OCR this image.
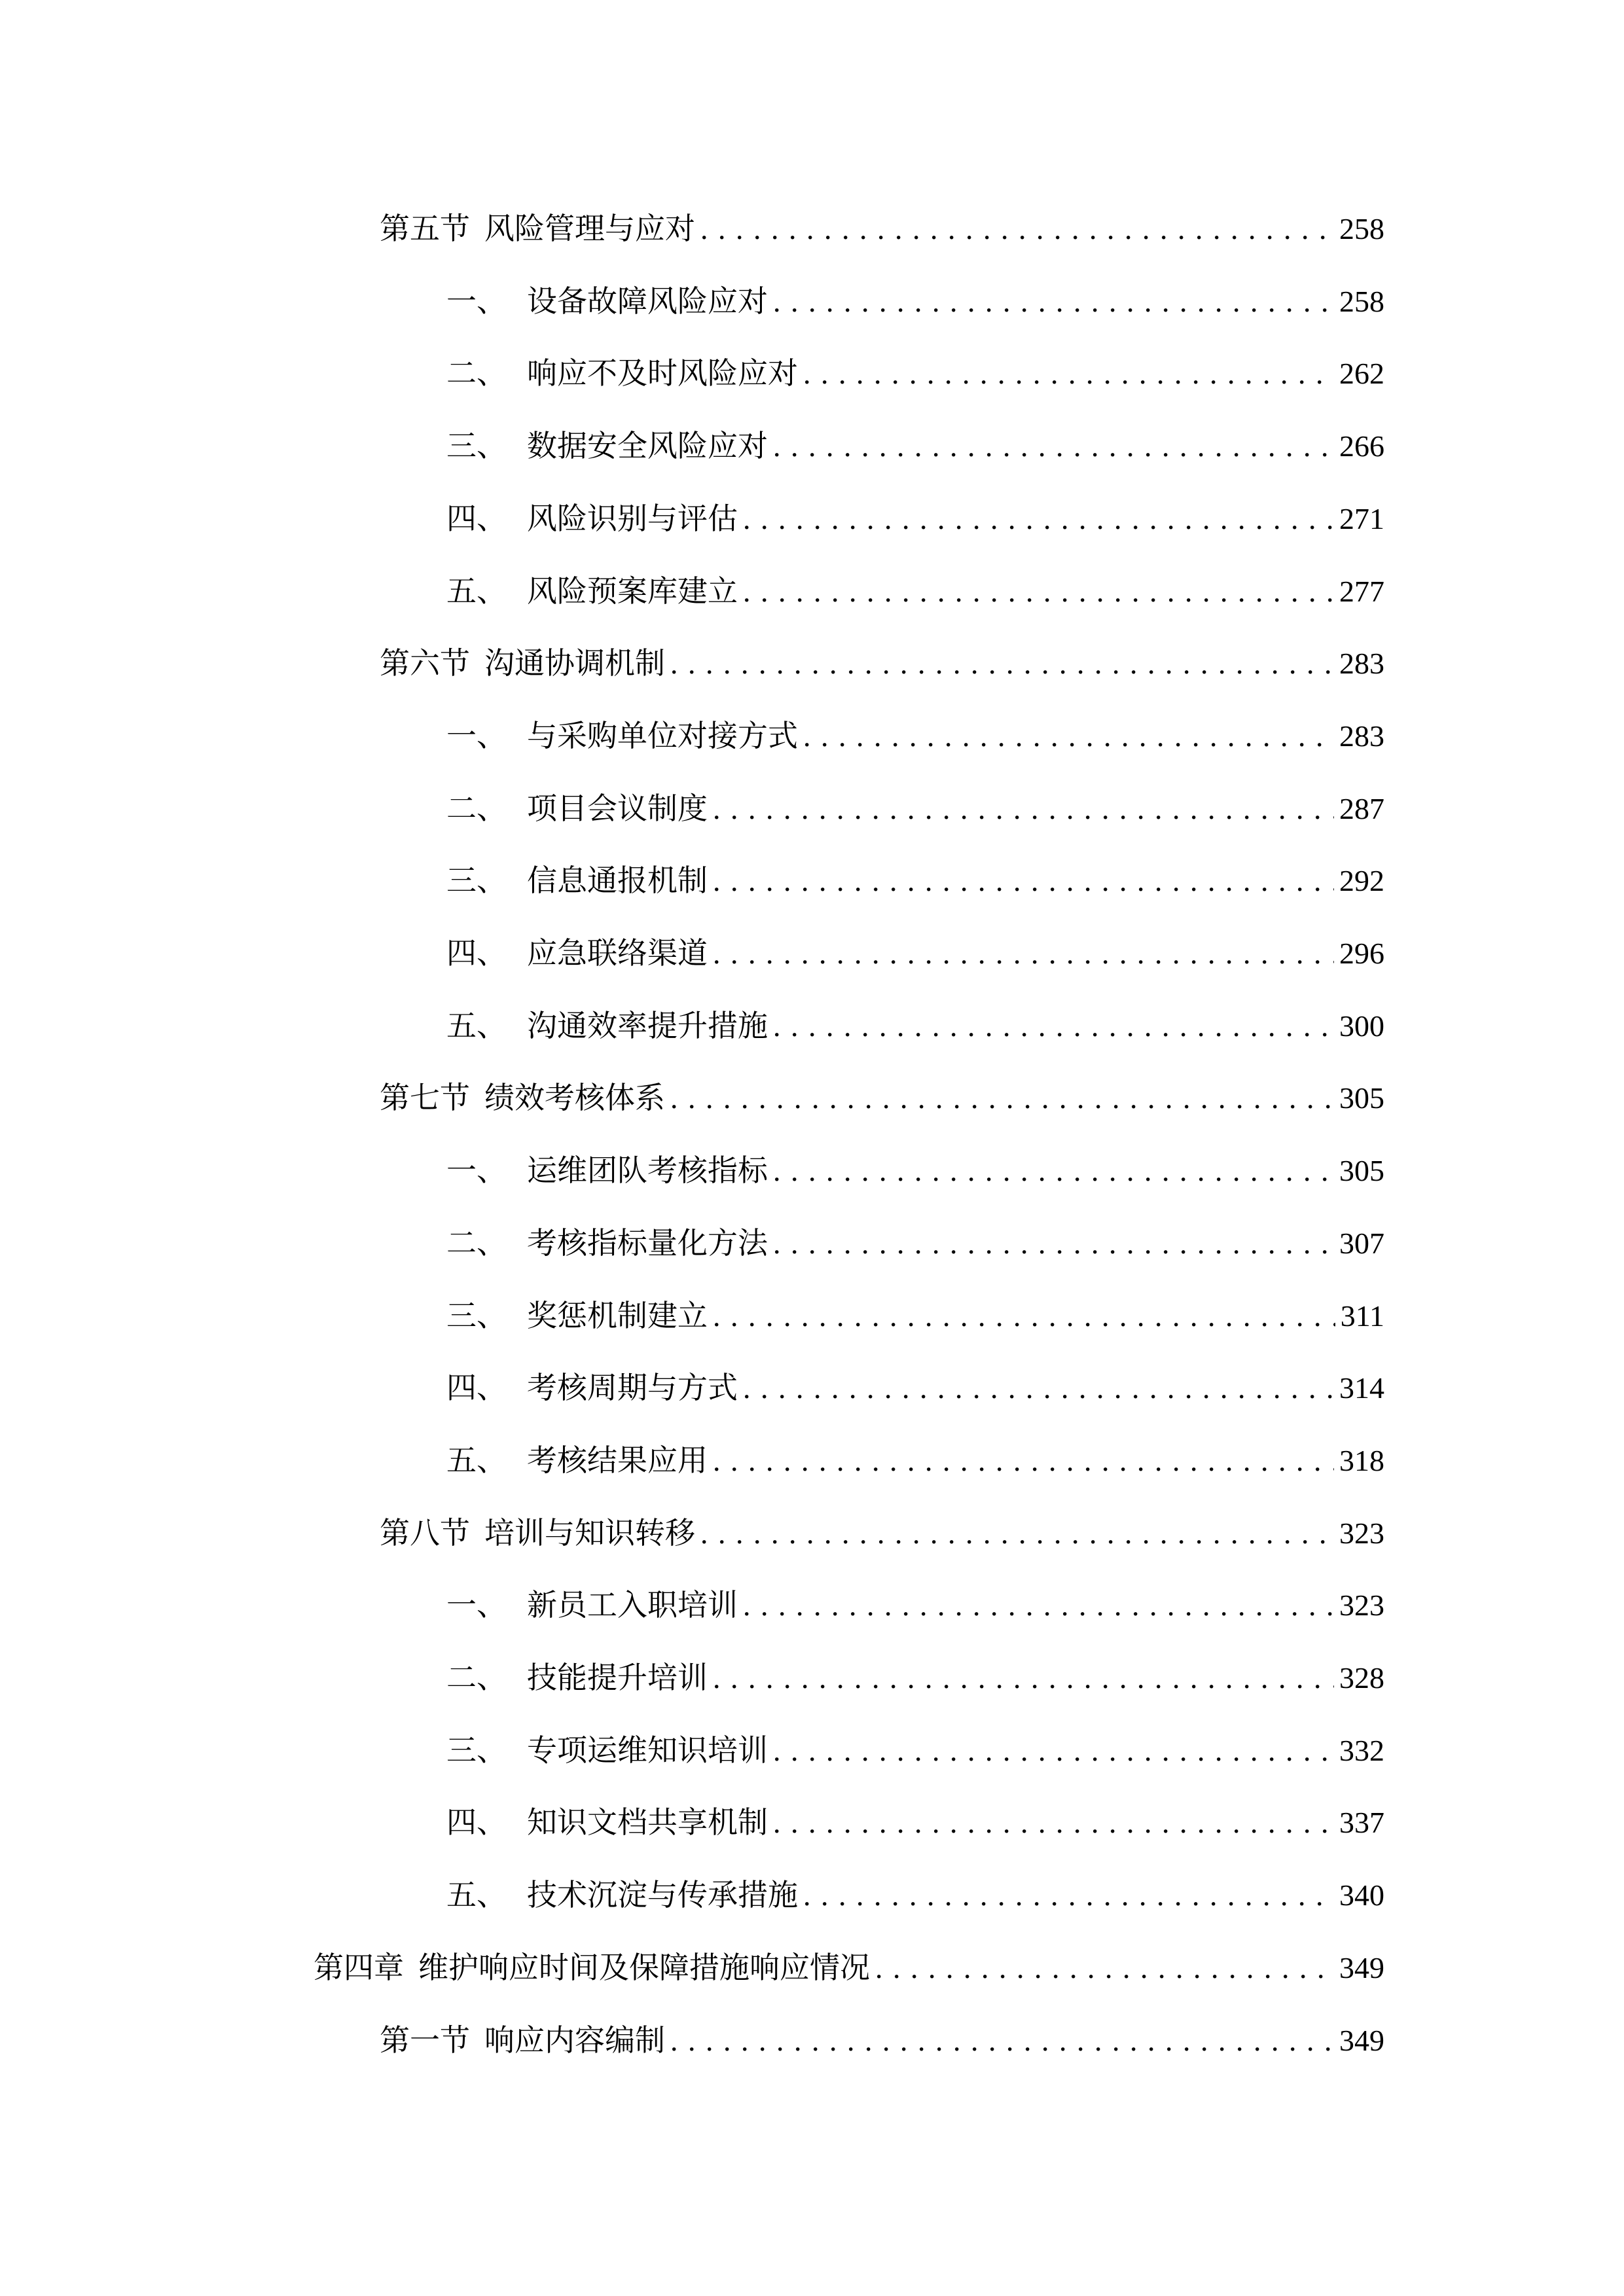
第五节 风险管理与应对 . . .	258
一、 设备故障风险应对 . . .	258
二、 响应不及时风险应对 . . .	262
三、 数据安全风险应对 . . .	266
四、 风险识别与评估 . . .	271
五、 风险预案库建立 . . .	277
第六节 沟通协调机制 . . .	283
一、 与采购单位对接方式 . . .	283
二、 项目会议制度 . . .	287
三、 信息通报机制 . . .	292
四、 应急联络渠道 . . .	296
五、 沟通效率提升措施 . . .	300
第七节 绩效考核体系 . . .	305
一、 运维团队考核指标 . . .	305
二、 考核指标量化方法 . . .	307
三、 奖惩机制建立 . . .	311
四、 考核周期与方式 . . .	314
五、 考核结果应用 . . .	318
第八节 培训与知识转移 . . .	323
一、 新员工入职培训 . . .	323
二、 技能提升培训 . . .	328
三、 专项运维知识培训 . . .	332
四、 知识文档共享机制 . . .	337
五、 技术沉淀与传承措施 . . .	340
第四章 维护响应时间及保障措施响应情况 . . .	349
第一节 响应内容编制 . . .	349
